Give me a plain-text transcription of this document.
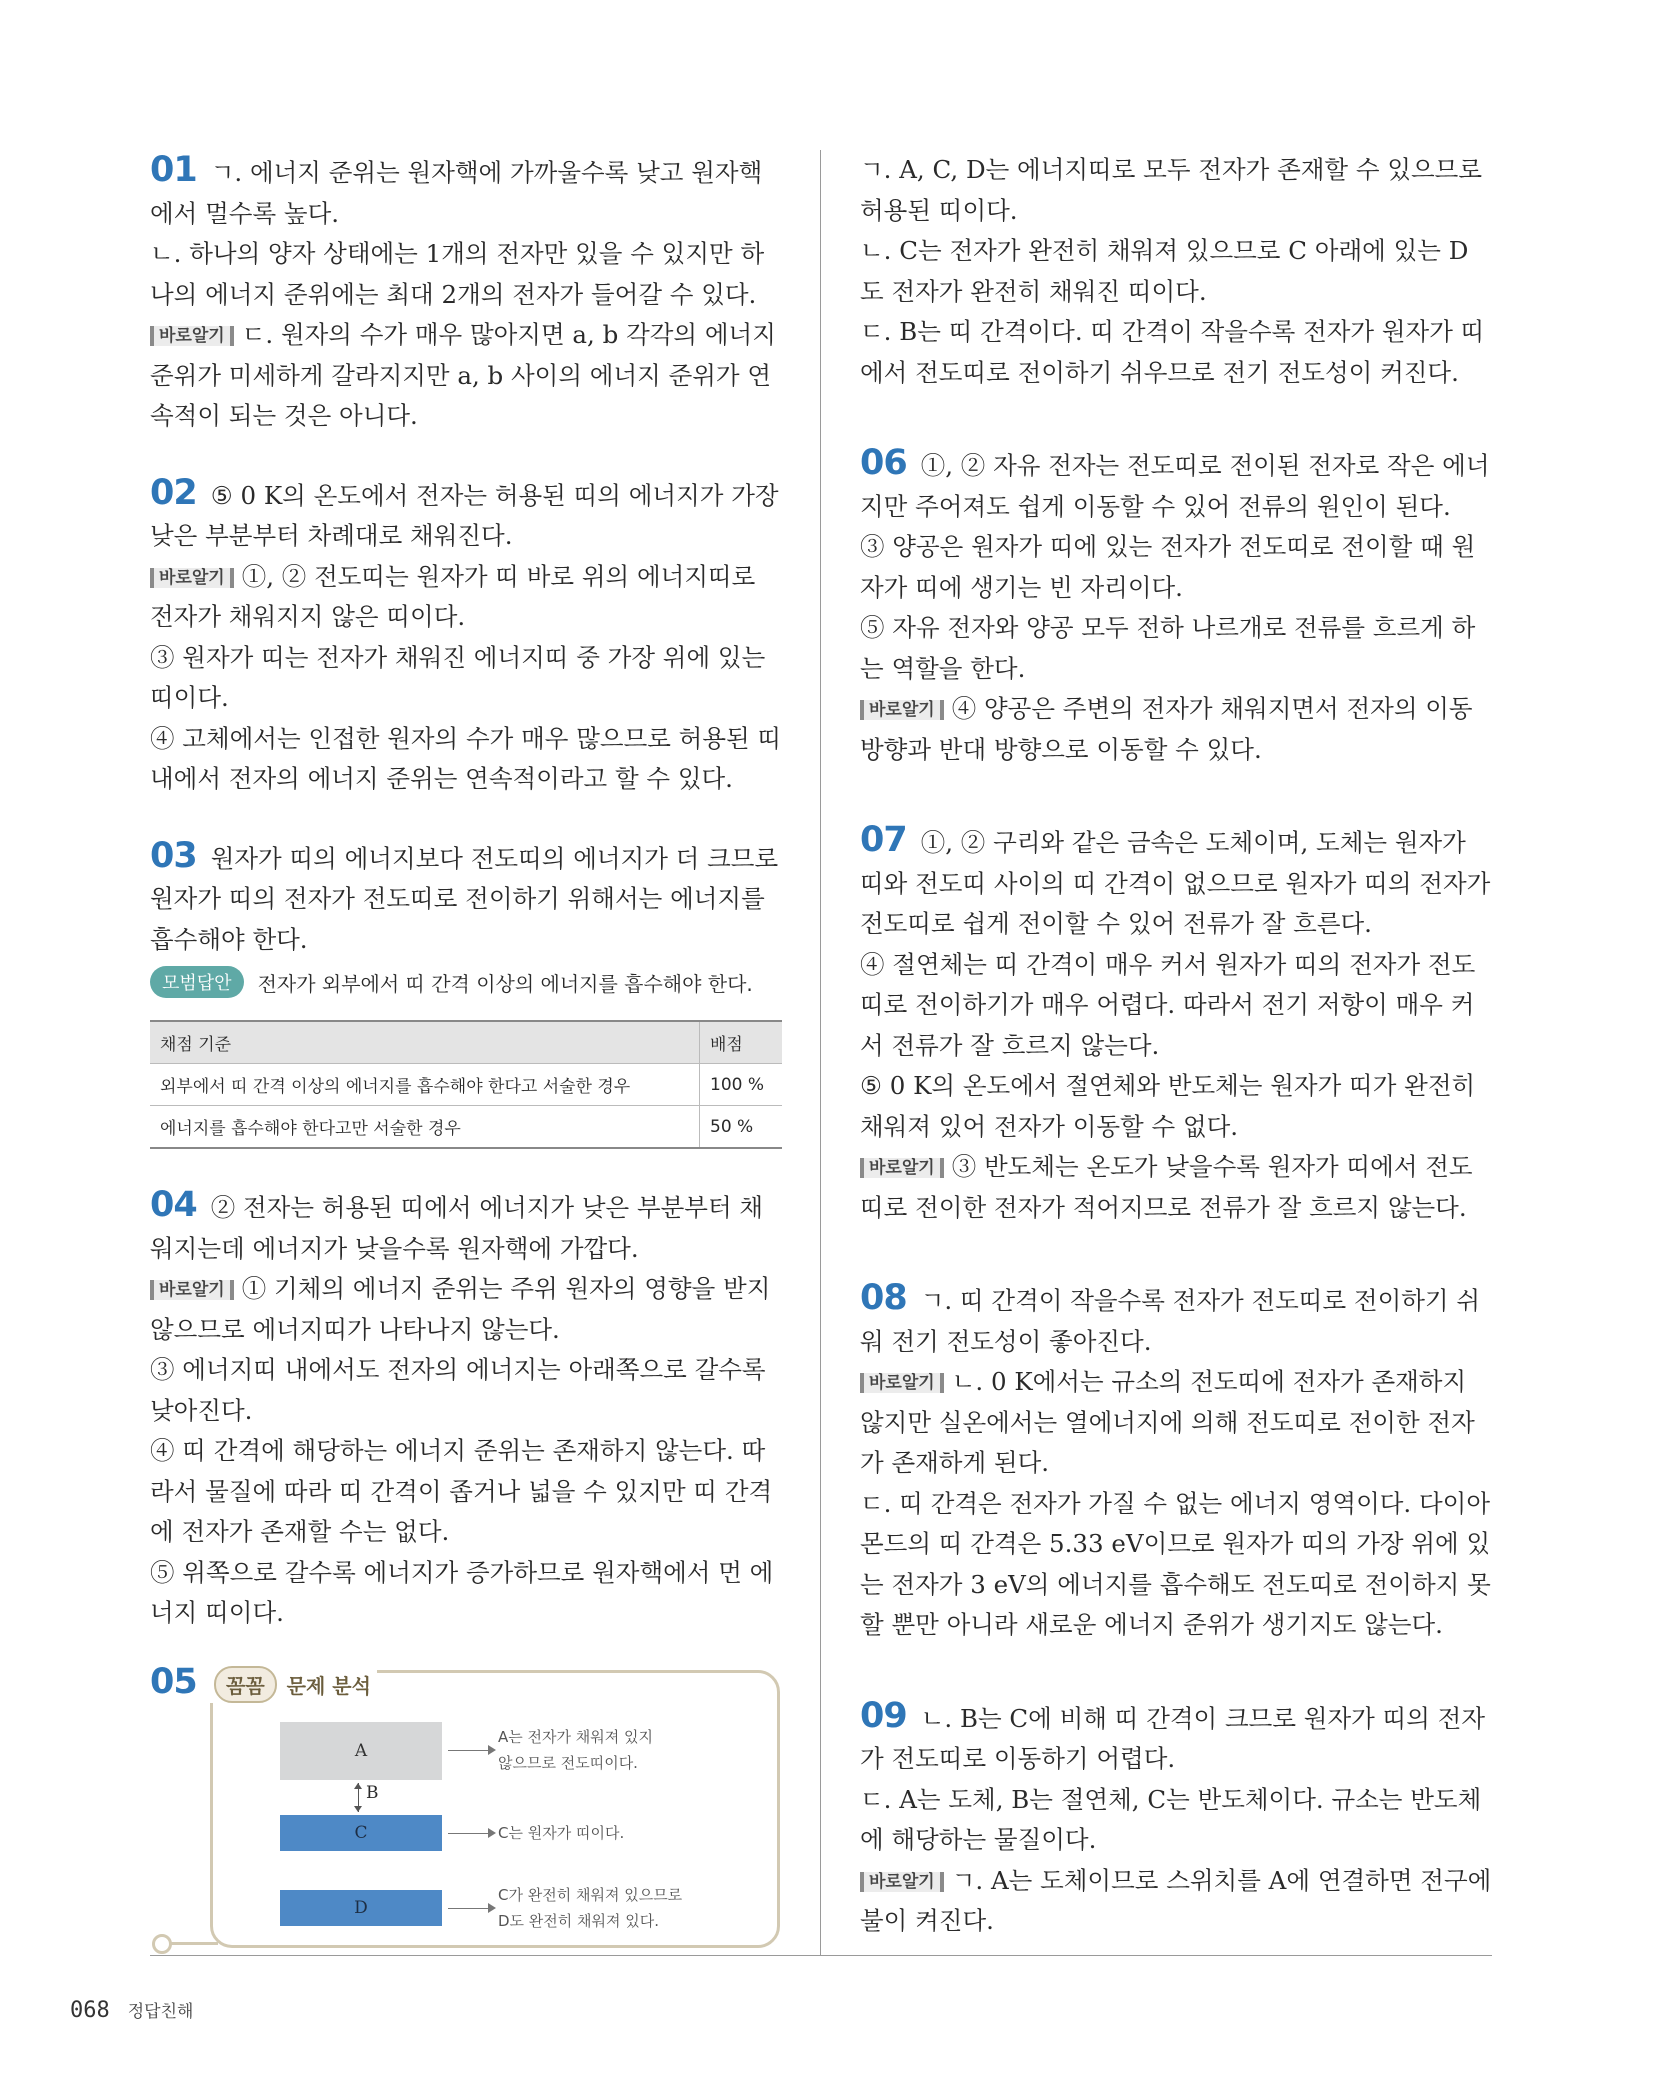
01 ㄱ. 에너지 준위는 원자핵에 가까울수록 낮고 원자핵에서 멀수록 높다.

ㄴ. 하나의 양자 상태에는 1개의 전자만 있을 수 있지만 하나의 에너지 준위에는 최대 2개의 전자가 들어갈 수 있다.

바로알기 ㄷ. 원자의 수가 매우 많아지면 a, b 각각의 에너지 준위가 미세하게 갈라지지만 a, b 사이의 에너지 준위가 연속적이 되는 것은 아니다.

02 ⑤ 0 K의 온도에서 전자는 허용된 띠의 에너지가 가장 낮은 부분부터 차례대로 채워진다.

바로알기 ①, ② 전도띠는 원자가 띠 바로 위의 에너지띠로 전자가 채워지지 않은 띠이다.

③ 원자가 띠는 전자가 채워진 에너지띠 중 가장 위에 있는 띠이다.

④ 고체에서는 인접한 원자의 수가 매우 많으므로 허용된 띠 내에서 전자의 에너지 준위는 연속적이라고 할 수 있다.

03 원자가 띠의 에너지보다 전도띠의 에너지가 더 크므로 원자가 띠의 전자가 전도띠로 전이하기 위해서는 에너지를 흡수해야 한다.

모범답안	전자가 외부에서 띠 간격 이상의 에너지를 흡수해야 한다.
채점 기준	배점
외부에서 띠 간격 이상의 에너지를 흡수해야 한다고 서술한 경우	100 %
에너지를 흡수해야 한다고만 서술한 경우	50 %

04 ② 전자는 허용된 띠에서 에너지가 낮은 부분부터 채워지는데 에너지가 낮을수록 원자핵에 가깝다.

바로알기 ① 기체의 에너지 준위는 주위 원자의 영향을 받지 않으므로 에너지띠가 나타나지 않는다.

③ 에너지띠 내에서도 전자의 에너지는 아래쪽으로 갈수록 낮아진다.

④ 띠 간격에 해당하는 에너지 준위는 존재하지 않는다. 따라서 물질에 따라 띠 간격이 좁거나 넓을 수 있지만 띠 간격에 전자가 존재할 수는 없다.

⑤ 위쪽으로 갈수록 에너지가 증가하므로 원자핵에서 먼 에너지 띠이다.

05	꼼꼼	문제 분석
A
B
C
D
A는 전자가 채워져 있지
않으므로 전도띠이다.
C는 원자가 띠이다.
C가 완전히 채워져 있으므로
D도 완전히 채워져 있다.

ㄱ. A, C, D는 에너지띠로 모두 전자가 존재할 수 있으므로 허용된 띠이다.

ㄴ. C는 전자가 완전히 채워져 있으므로 C 아래에 있는 D도 전자가 완전히 채워진 띠이다.

ㄷ. B는 띠 간격이다. 띠 간격이 작을수록 전자가 원자가 띠에서 전도띠로 전이하기 쉬우므로 전기 전도성이 커진다.

06 ①, ② 자유 전자는 전도띠로 전이된 전자로 작은 에너지만 주어져도 쉽게 이동할 수 있어 전류의 원인이 된다.

③ 양공은 원자가 띠에 있는 전자가 전도띠로 전이할 때 원자가 띠에 생기는 빈 자리이다.

⑤ 자유 전자와 양공 모두 전하 나르개로 전류를 흐르게 하는 역할을 한다.

바로알기 ④ 양공은 주변의 전자가 채워지면서 전자의 이동 방향과 반대 방향으로 이동할 수 있다.

07 ①, ② 구리와 같은 금속은 도체이며, 도체는 원자가 띠와 전도띠 사이의 띠 간격이 없으므로 원자가 띠의 전자가 전도띠로 쉽게 전이할 수 있어 전류가 잘 흐른다.

④ 절연체는 띠 간격이 매우 커서 원자가 띠의 전자가 전도띠로 전이하기가 매우 어렵다. 따라서 전기 저항이 매우 커서 전류가 잘 흐르지 않는다.

⑤ 0 K의 온도에서 절연체와 반도체는 원자가 띠가 완전히 채워져 있어 전자가 이동할 수 없다.

바로알기 ③ 반도체는 온도가 낮을수록 원자가 띠에서 전도띠로 전이한 전자가 적어지므로 전류가 잘 흐르지 않는다.

08 ㄱ. 띠 간격이 작을수록 전자가 전도띠로 전이하기 쉬워 전기 전도성이 좋아진다.

바로알기 ㄴ. 0 K에서는 규소의 전도띠에 전자가 존재하지 않지만 실온에서는 열에너지에 의해 전도띠로 전이한 전자가 존재하게 된다.

ㄷ. 띠 간격은 전자가 가질 수 없는 에너지 영역이다. 다이아몬드의 띠 간격은 5.33 eV이므로 원자가 띠의 가장 위에 있는 전자가 3 eV의 에너지를 흡수해도 전도띠로 전이하지 못할 뿐만 아니라 새로운 에너지 준위가 생기지도 않는다.

09 ㄴ. B는 C에 비해 띠 간격이 크므로 원자가 띠의 전자가 전도띠로 이동하기 어렵다.

ㄷ. A는 도체, B는 절연체, C는 반도체이다. 규소는 반도체에 해당하는 물질이다.

바로알기 ㄱ. A는 도체이므로 스위치를 A에 연결하면 전구에 불이 켜진다.

068 정답친해
